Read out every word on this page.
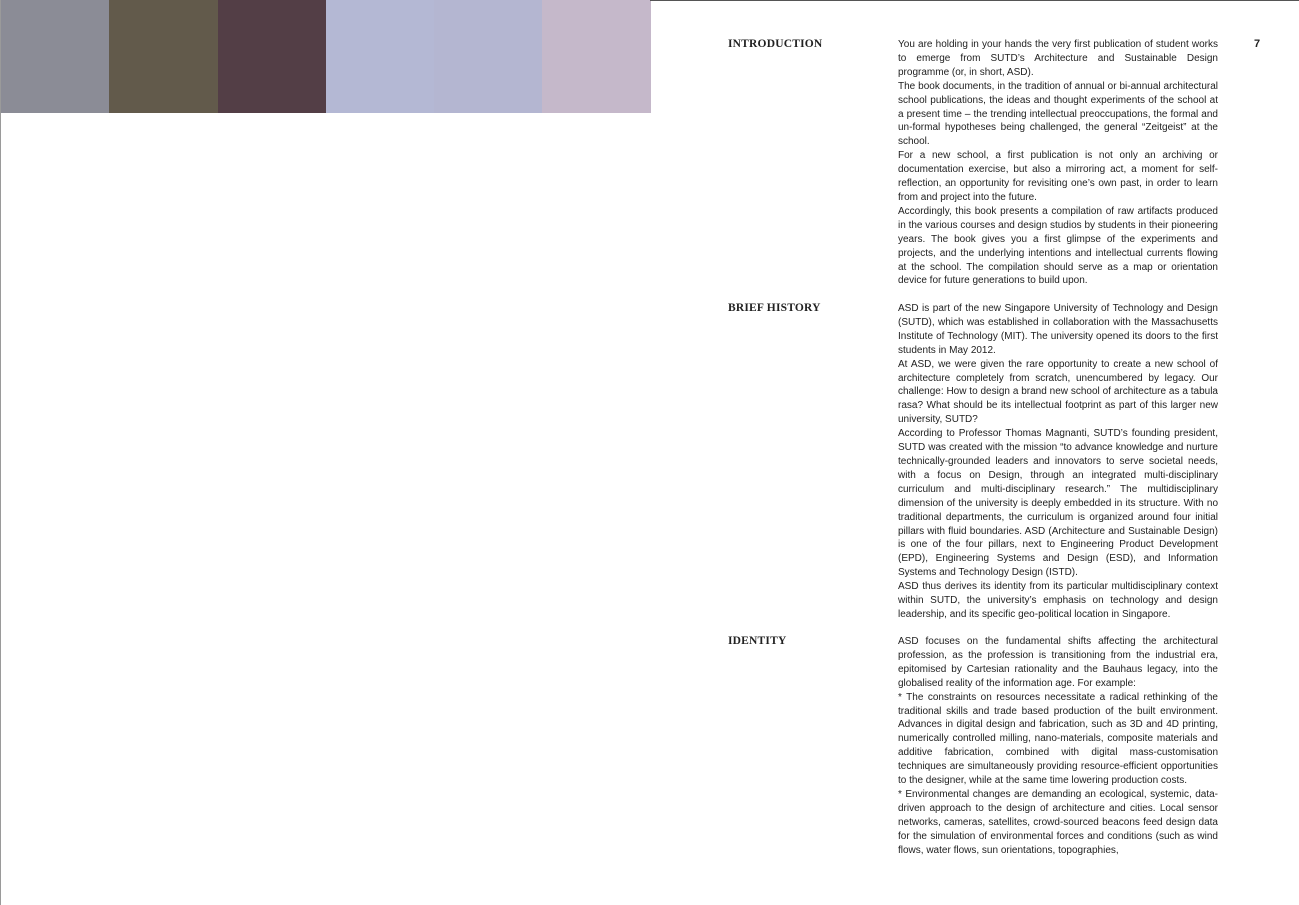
7
INTRODUCTION	You are holding in your hands the very first publication of student works to emerge from SUTD’s Architecture and Sustainable Design programme (or, in short, ASD).

The book documents, in the tradition of annual or bi-annual architectural school publications, the ideas and thought experiments of the school at a present time – the trending intellectual preoccupations, the formal and un-formal hypotheses being challenged, the general “Zeitgeist” at the school.

For a new school, a first publication is not only an archiving or documentation exercise, but also a mirroring act, a moment for self-reflection, an opportunity for revisiting one’s own past, in order to learn from and project into the future.

Accordingly, this book presents a compilation of raw artifacts produced in the various courses and design studios by students in their pioneering years. The book gives you a first glimpse of the experiments and projects, and the underlying intentions and intellectual currents flowing at the school. The compilation should serve as a map or orientation device for future generations to build upon.

BRIEF HISTORY	ASD is part of the new Singapore University of Technology and Design (SUTD), which was established in collaboration with the Massachusetts Institute of Technology (MIT). The university opened its doors to the first students in May 2012.

At ASD, we were given the rare opportunity to create a new school of architecture completely from scratch, unencumbered by legacy. Our challenge: How to design a brand new school of architecture as a tabula rasa? What should be its intellectual footprint as part of this larger new university, SUTD?

According to Professor Thomas Magnanti, SUTD’s founding president, SUTD was created with the mission “to advance knowledge and nurture technically-grounded leaders and innovators to serve societal needs, with a focus on Design, through an integrated multi-disciplinary curriculum and multi-disciplinary research.” The multidisciplinary dimension of the university is deeply embedded in its structure. With no traditional departments, the curriculum is organized around four initial pillars with fluid boundaries. ASD (Architecture and Sustainable Design) is one of the four pillars, next to Engineering Product Development (EPD), Engineering Systems and Design (ESD), and Information Systems and Technology Design (ISTD).

ASD thus derives its identity from its particular multidisciplinary context within SUTD, the university’s emphasis on technology and design leadership, and its specific geo-political location in Singapore.

IDENTITY	ASD focuses on the fundamental shifts affecting the architectural profession, as the profession is transitioning from the industrial era, epitomised by Cartesian rationality and the Bauhaus legacy, into the globalised reality of the information age. For example:

* The constraints on resources necessitate a radical rethinking of the traditional skills and trade based production of the built environment. Advances in digital design and fabrication, such as 3D and 4D printing, numerically controlled milling, nano-materials, composite materials and additive fabrication, combined with digital mass-customisation techniques are simultaneously providing resource-efficient opportunities to the designer, while at the same time lowering production costs.

* Environmental changes are demanding an ecological, systemic, data-driven approach to the design of architecture and cities. Local sensor networks, cameras, satellites, crowd-sourced beacons feed design data for the simulation of environmental forces and conditions (such as wind flows, water flows, sun orientations, topographies,
